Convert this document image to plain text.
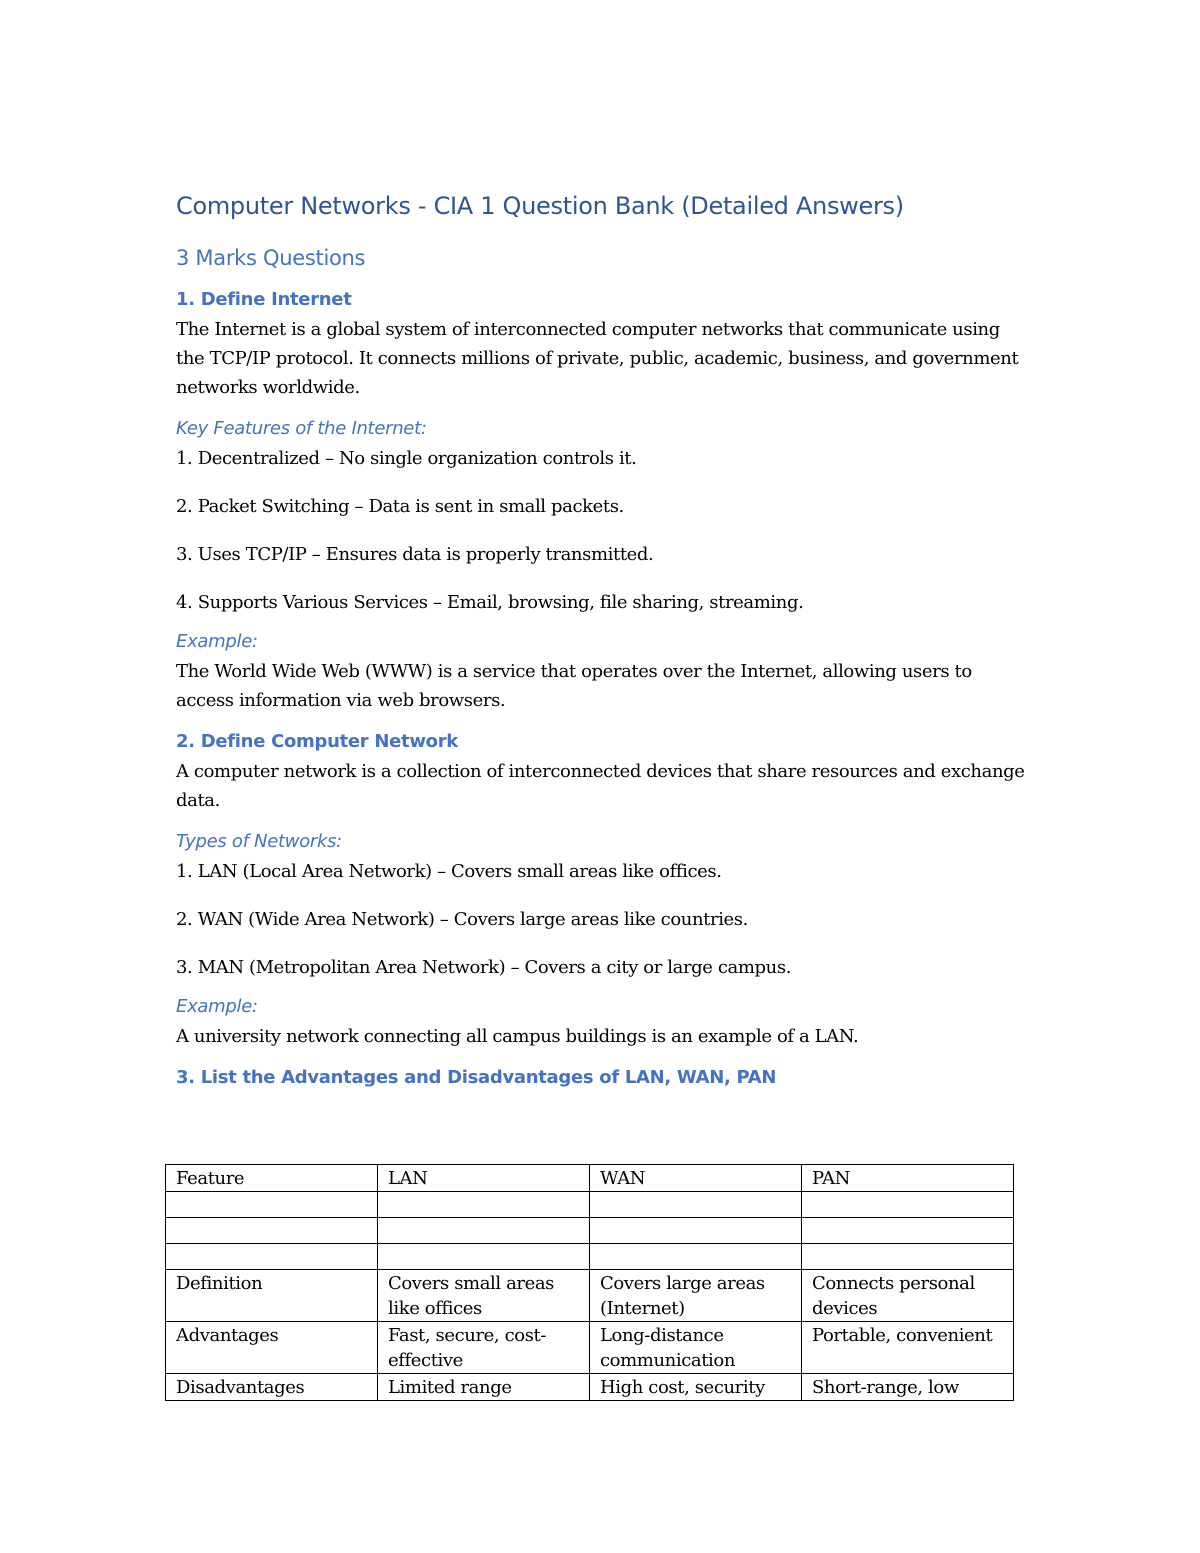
Computer Networks - CIA 1 Question Bank (Detailed Answers)
3 Marks Questions
1. Define Internet
The Internet is a global system of interconnected computer networks that communicate using the TCP/IP protocol. It connects millions of private, public, academic, business, and government networks worldwide.
Key Features of the Internet:
1. Decentralized – No single organization controls it.
2. Packet Switching – Data is sent in small packets.
3. Uses TCP/IP – Ensures data is properly transmitted.
4. Supports Various Services – Email, browsing, file sharing, streaming.
Example:
The World Wide Web (WWW) is a service that operates over the Internet, allowing users to access information via web browsers.
2. Define Computer Network
A computer network is a collection of interconnected devices that share resources and exchange data.
Types of Networks:
1. LAN (Local Area Network) – Covers small areas like offices.
2. WAN (Wide Area Network) – Covers large areas like countries.
3. MAN (Metropolitan Area Network) – Covers a city or large campus.
Example:
A university network connecting all campus buildings is an example of a LAN.
3. List the Advantages and Disadvantages of LAN, WAN, PAN
Feature	LAN	WAN	PAN

Definition	Covers small areas like offices	Covers large areas (Internet)	Connects personal devices
Advantages	Fast, secure, cost-effective	Long-distance communication	Portable, convenient
Disadvantages	Limited range	High cost, security	Short-range, low
